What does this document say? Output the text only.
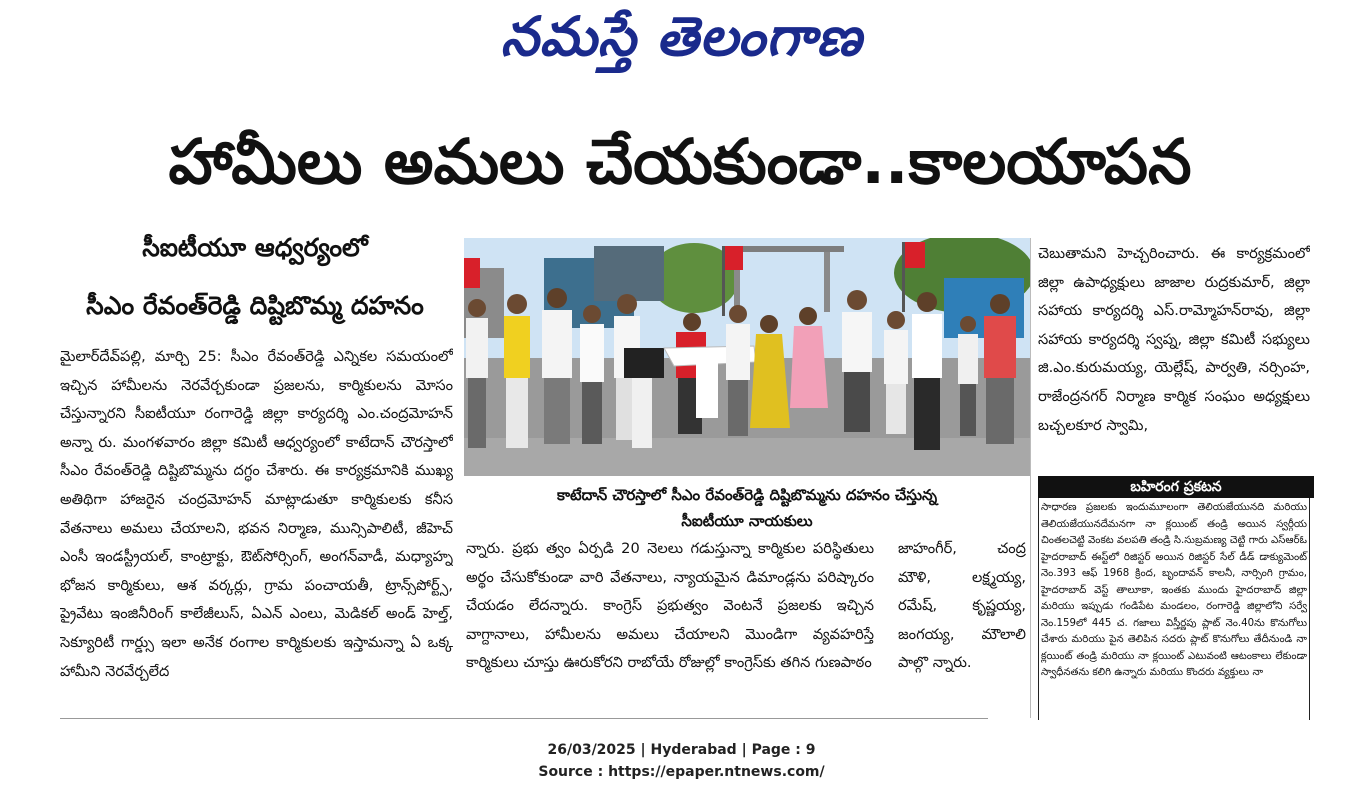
నమస్తే తెలంగాణ
హామీలు అమలు చేయకుండా..కాలయాపన
సీఐటీయూ ఆధ్వర్యంలో
సీఎం రేవంత్‌రెడ్డి దిష్టిబొమ్మ దహనం

మైలార్‌దేవ్‌పల్లి, మార్చి 25: సీఎం రేవంత్‌రెడ్డి ఎన్నికల సమయంలో ఇచ్చిన హామీలను నెరవేర్చకుండా ప్రజలను, కార్మికులను మోసం చేస్తున్నారని సీఐటీయూ రంగారెడ్డి జిల్లా కార్యదర్శి ఎం.చంద్రమోహన్ అన్నా రు. మంగళవారం జిల్లా కమిటీ ఆధ్వర్యంలో కాటేదాన్ చౌరస్తాలో సీఎం రేవంత్‌రెడ్డి దిష్టిబొమ్మను దగ్ధం చేశారు. ఈ కార్యక్రమానికి ముఖ్య అతిథిగా హాజరైన చంద్రమోహన్ మాట్లాడుతూ కార్మికులకు కనీస వేతనాలు అమలు చేయాలని, భవన నిర్మాణ, మున్సిపాలిటీ, జీహెచ్ ఎంసీ ఇండస్ట్రీయల్, కాంట్రాక్టు, ఔట్‌సోర్సింగ్, అంగన్‌వాడీ, మధ్యాహ్న భోజన కార్మికులు, ఆశ వర్కర్లు, గ్రామ పంచాయతీ, ట్రాన్స్‌పోర్ట్స్, ప్రైవేటు ఇంజినీరింగ్ కాలేజీలుస్, ఏఎన్ ఎంలు, మెడికల్ అండ్ హెల్త్, సెక్యూరిటీ గార్డ్సు ఇలా అనేక రంగాల కార్మికులకు ఇస్తామన్నా ఏ ఒక్క హామీని నెరవేర్చలేద

కాటేదాన్ చౌరస్తాలో సీఎం రేవంత్‌రెడ్డి దిష్టిబొమ్మను దహనం చేస్తున్న
సీఐటీయూ నాయకులు

న్నారు. ప్రభు త్వం ఏర్పడి 20 నెలలు గడుస్తున్నా కార్మికుల పరిస్థితులు అర్థం చేసుకోకుండా వారి వేతనాలు, న్యాయమైన డిమాండ్లను పరిష్కారం చేయడం లేదన్నారు. కాంగ్రెస్ ప్రభుత్వం వెంటనే ప్రజలకు ఇచ్చిన వాగ్దానాలు, హామీలను అమలు చేయాలని మొండిగా వ్యవహరిస్తే కార్మికులు చూస్తు ఊరుకోరని రాబోయే రోజుల్లో కాంగ్రెస్‌కు తగిన గుణపాఠం

జాహంగీర్, చంద్ర మౌళి, లక్ష్మయ్య, రమేష్, కృష్ణయ్య, జంగయ్య, మౌలాలి పాల్గొ న్నారు.

చెబుతామని హెచ్చరించారు. ఈ కార్యక్రమంలో జిల్లా ఉపాధ్యక్షులు జాజాల రుద్రకుమార్, జిల్లా సహాయ కార్యదర్శి ఎస్.రామ్మోహన్‌రావు, జిల్లా సహాయ కార్యదర్శి స్వప్న, జిల్లా కమిటీ సభ్యులు జి.ఎం.కురుమయ్య, యెల్లేష్, పార్వతి, నర్సింహ, రాజేంద్రనగర్ నిర్మాణ కార్మిక సంఘం అధ్యక్షులు బచ్చలకూర స్వామి,

బహిరంగ ప్రకటన
సాధారణ ప్రజలకు ఇందుమూలంగా తెలియజేయునది మరియు తెలియజేయునదేమనగా నా క్లయింట్ తండ్రి అయిన స్వర్గీయ చింతలచెట్టి వెంకట వలపతి తండ్రి సి.సుబ్రమణ్య చెట్టి గారు ఎస్‌ఆర్‌ఓ హైదరాబాద్ ఈస్ట్‌లో రిజిస్టర్ అయిన రిజిస్టర్ సేల్ డీడ్ డాక్యుమెంట్ నెం.393 ఆఫ్ 1968 క్రింద, బృందావన్ కాలనీ, నార్సింగి గ్రామం, హైదరాబాద్ వెస్ట్ తాలూకా, ఇంతకు ముందు హైదరాబాద్ జిల్లా మరియు ఇప్పుడు గండిపేట మండలం, రంగారెడ్డి జిల్లాలోని సర్వే నెం.159లో 445 చ. గజాలు విస్తీర్ణపు ప్లాట్ నెం.40ను కొనుగోలు చేశారు మరియు పైన తెలిపిన సదరు ప్లాట్ కొనుగోలు తేదీనుండి నా క్లయింట్ తండ్రి మరియు నా క్లయింట్ ఎటువంటి ఆటంకాలు లేకుండా స్వాధీనతను కలిగి ఉన్నారు మరియు కొందరు వ్యక్తులు నా
26/03/2025 | Hyderabad | Page : 9
Source : https://epaper.ntnews.com/
